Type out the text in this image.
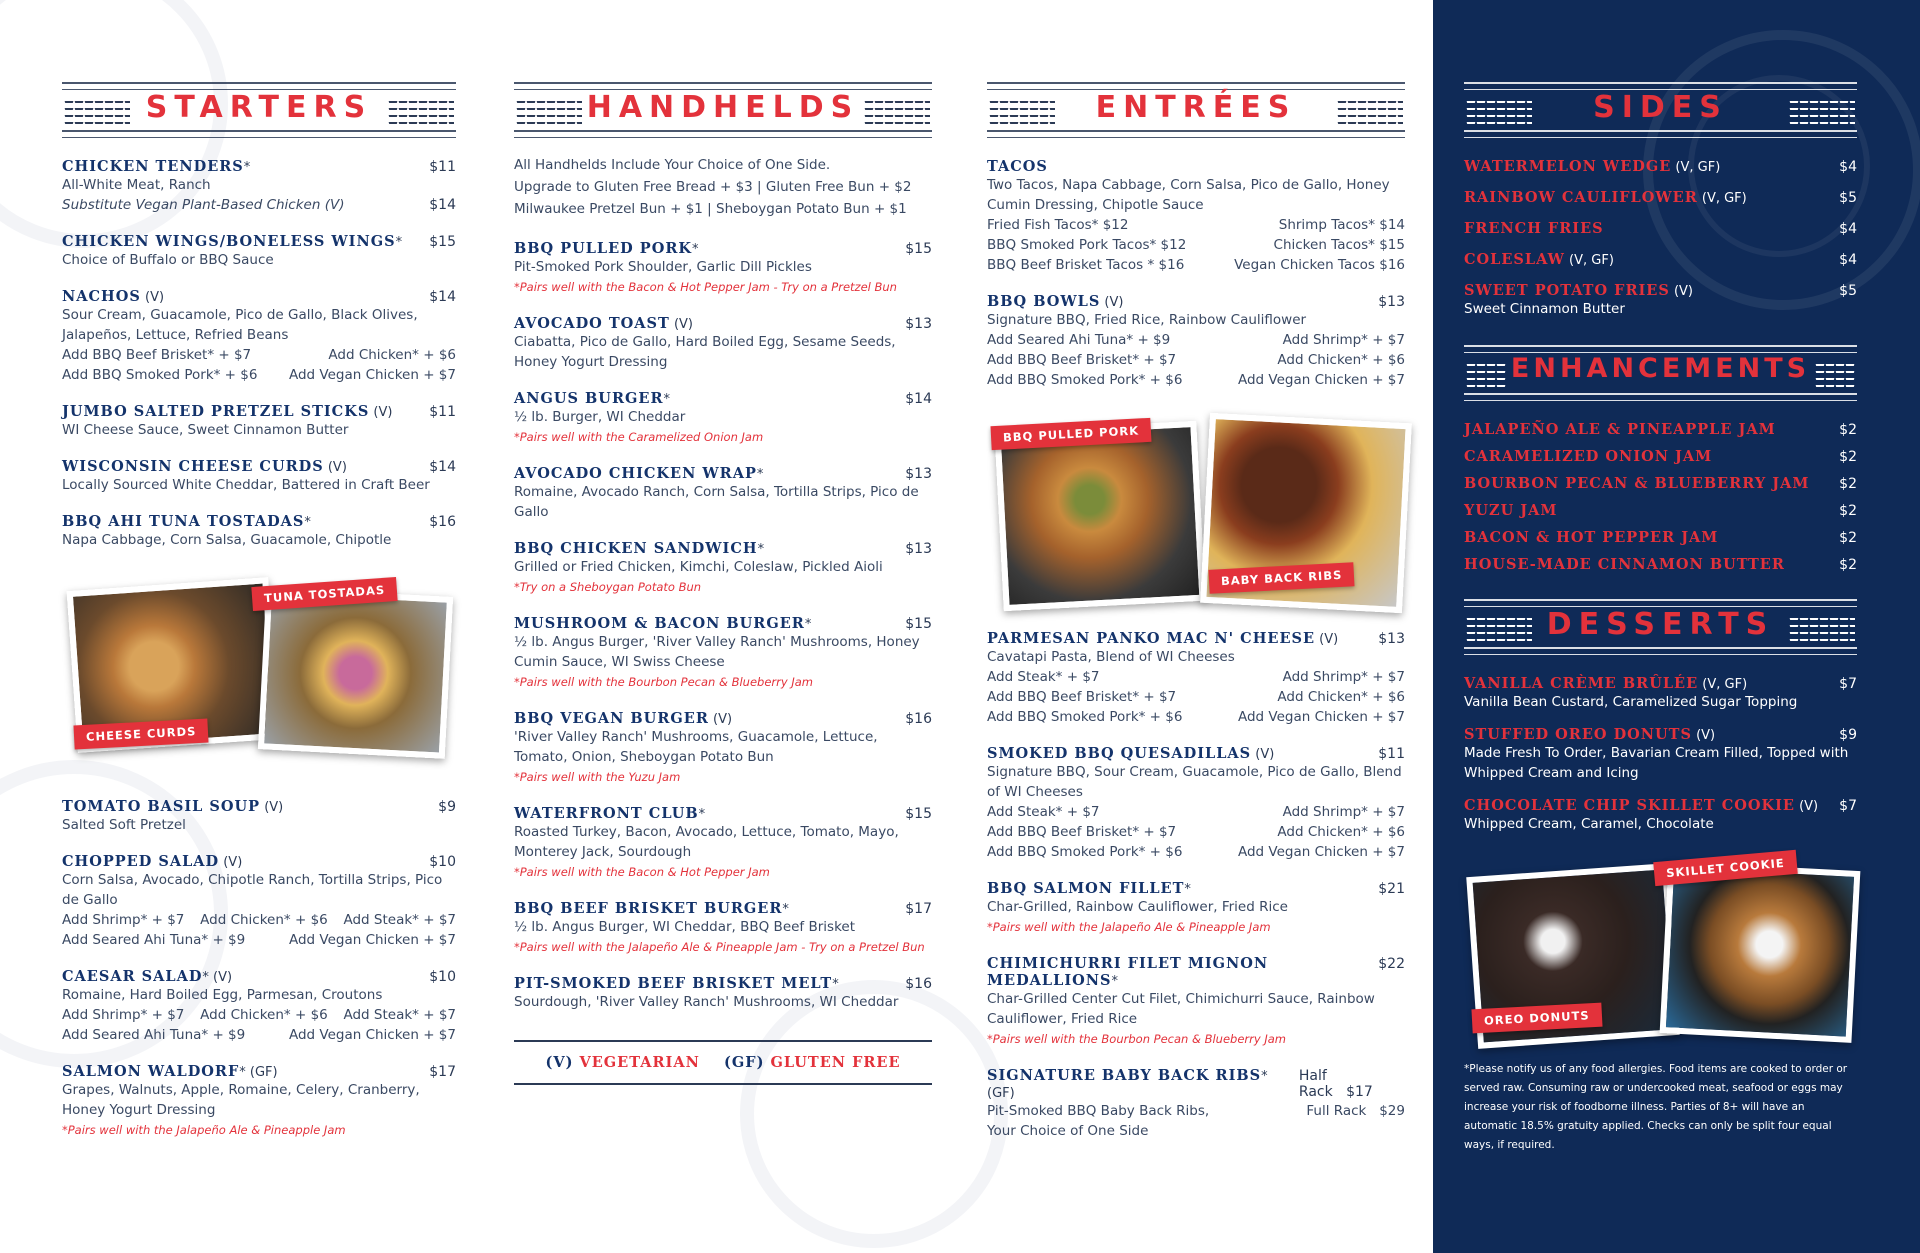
STARTERS
CHICKEN TENDERS*	$11
All-White Meat, Ranch
Substitute Vegan Plant-Based Chicken (V)	$14
CHICKEN WINGS/BONELESS WINGS* $15
Choice of Buffalo or BBQ Sauce
NACHOS (V)	$14
Sour Cream, Guacamole, Pico de Gallo, Black Olives, Jalapeños, Lettuce, Refried Beans
Add BBQ Beef Brisket* + $7	Add Chicken* + $6
Add BBQ Smoked Pork* + $6 Add Vegan Chicken + $7
JUMBO SALTED PRETZEL STICKS (V)	$11
WI Cheese Sauce, Sweet Cinnamon Butter
WISCONSIN CHEESE CURDS (V)	$14
Locally Sourced White Cheddar, Battered in Craft Beer
BBQ AHI TUNA TOSTADAS*	$16
Napa Cabbage, Corn Salsa, Guacamole, Chipotle
CHEESE CURDS
TUNA TOSTADAS
TOMATO BASIL SOUP (V)	$9
Salted Soft Pretzel
CHOPPED SALAD (V)	$10
Corn Salsa, Avocado, Chipotle Ranch, Tortilla Strips, Pico de Gallo
Add Shrimp* + $7 Add Chicken* + $6 Add Steak* + $7
Add Seared Ahi Tuna* + $9	Add Vegan Chicken + $7
CAESAR SALAD* (V)	$10
Romaine, Hard Boiled Egg, Parmesan, Croutons
Add Shrimp* + $7 Add Chicken* + $6 Add Steak* + $7
Add Seared Ahi Tuna* + $9	Add Vegan Chicken + $7
SALMON WALDORF* (GF)	$17
Grapes, Walnuts, Apple, Romaine, Celery, Cranberry, Honey Yogurt Dressing
*Pairs well with the Jalapeño Ale & Pineapple Jam
HANDHELDS
All Handhelds Include Your Choice of One Side.
Upgrade to Gluten Free Bread + $3 | Gluten Free Bun + $2
Milwaukee Pretzel Bun + $1 | Sheboygan Potato Bun + $1
BBQ PULLED PORK*	$15
Pit-Smoked Pork Shoulder, Garlic Dill Pickles
*Pairs well with the Bacon & Hot Pepper Jam - Try on a Pretzel Bun
AVOCADO TOAST (V)	$13
Ciabatta, Pico de Gallo, Hard Boiled Egg, Sesame Seeds, Honey Yogurt Dressing
ANGUS BURGER*	$14
½ lb. Burger, WI Cheddar
*Pairs well with the Caramelized Onion Jam
AVOCADO CHICKEN WRAP*	$13
Romaine, Avocado Ranch, Corn Salsa, Tortilla Strips, Pico de Gallo
BBQ CHICKEN SANDWICH*	$13
Grilled or Fried Chicken, Kimchi, Coleslaw, Pickled Aioli
*Try on a Sheboygan Potato Bun
MUSHROOM & BACON BURGER*	$15
½ lb. Angus Burger, 'River Valley Ranch' Mushrooms, Honey Cumin Sauce, WI Swiss Cheese
*Pairs well with the Bourbon Pecan & Blueberry Jam
BBQ VEGAN BURGER (V)	$16
'River Valley Ranch' Mushrooms, Guacamole, Lettuce, Tomato, Onion, Sheboygan Potato Bun
*Pairs well with the Yuzu Jam
WATERFRONT CLUB*	$15
Roasted Turkey, Bacon, Avocado, Lettuce, Tomato, Mayo, Monterey Jack, Sourdough
*Pairs well with the Bacon & Hot Pepper Jam
BBQ BEEF BRISKET BURGER*	$17
½ lb. Angus Burger, WI Cheddar, BBQ Beef Brisket
*Pairs well with the Jalapeño Ale & Pineapple Jam - Try on a Pretzel Bun
PIT-SMOKED BEEF BRISKET MELT*	$16
Sourdough, 'River Valley Ranch' Mushrooms, WI Cheddar
(V) VEGETARIAN (GF) GLUTEN FREE
ENTRÉES
TACOS
Two Tacos, Napa Cabbage, Corn Salsa, Pico de Gallo, Honey Cumin Dressing, Chipotle Sauce
Fried Fish Tacos* $12	Shrimp Tacos* $14
BBQ Smoked Pork Tacos* $12	Chicken Tacos* $15
BBQ Beef Brisket Tacos * $16	Vegan Chicken Tacos $16
BBQ BOWLS (V)	$13
Signature BBQ, Fried Rice, Rainbow Cauliflower
Add Seared Ahi Tuna* + $9	Add Shrimp* + $7
Add BBQ Beef Brisket* + $7	Add Chicken* + $6
Add BBQ Smoked Pork* + $6	Add Vegan Chicken + $7
BBQ PULLED PORK
BABY BACK RIBS
PARMESAN PANKO MAC N' CHEESE (V)	$13
Cavatapi Pasta, Blend of WI Cheeses
Add Steak* + $7	Add Shrimp* + $7
Add BBQ Beef Brisket* + $7	Add Chicken* + $6
Add BBQ Smoked Pork* + $6	Add Vegan Chicken + $7
SMOKED BBQ QUESADILLAS (V)	$11
Signature BBQ, Sour Cream, Guacamole, Pico de Gallo, Blend of WI Cheeses
Add Steak* + $7	Add Shrimp* + $7
Add BBQ Beef Brisket* + $7	Add Chicken* + $6
Add BBQ Smoked Pork* + $6	Add Vegan Chicken + $7
BBQ SALMON FILLET*	$21
Char-Grilled, Rainbow Cauliflower, Fried Rice
*Pairs well with the Jalapeño Ale & Pineapple Jam
CHIMICHURRI FILET MIGNON MEDALLIONS*
$22
Char-Grilled Center Cut Filet, Chimichurri Sauce, Rainbow Cauliflower, Fried Rice
*Pairs well with the Bourbon Pecan & Blueberry Jam
SIGNATURE BABY BACK RIBS* (GF)
Half Rack $17
Pit-Smoked BBQ Baby Back Ribs,	Full Rack $29
Your Choice of One Side
SIDES
WATERMELON WEDGE (V, GF)	$4
RAINBOW CAULIFLOWER (V, GF)	$5
FRENCH FRIES	$4
COLESLAW (V, GF)	$4
SWEET POTATO FRIES (V)	$5
Sweet Cinnamon Butter
ENHANCEMENTS
JALAPEÑO ALE & PINEAPPLE JAM	$2
CARAMELIZED ONION JAM	$2
BOURBON PECAN & BLUEBERRY JAM $2
YUZU JAM	$2
BACON & HOT PEPPER JAM	$2
HOUSE-MADE CINNAMON BUTTER	$2
DESSERTS
VANILLA CRÈME BRÛLÉE (V, GF)	$7
Vanilla Bean Custard, Caramelized Sugar Topping
STUFFED OREO DONUTS (V)	$9
Made Fresh To Order, Bavarian Cream Filled, Topped with Whipped Cream and Icing
CHOCOLATE CHIP SKILLET COOKIE (V) $7
Whipped Cream, Caramel, Chocolate
OREO DONUTS
SKILLET COOKIE
*Please notify us of any food allergies. Food items are cooked to order or served raw. Consuming raw or undercooked meat, seafood or eggs may increase your risk of foodborne illness. Parties of 8+ will have an automatic 18.5% gratuity applied. Checks can only be split four equal ways, if required.
